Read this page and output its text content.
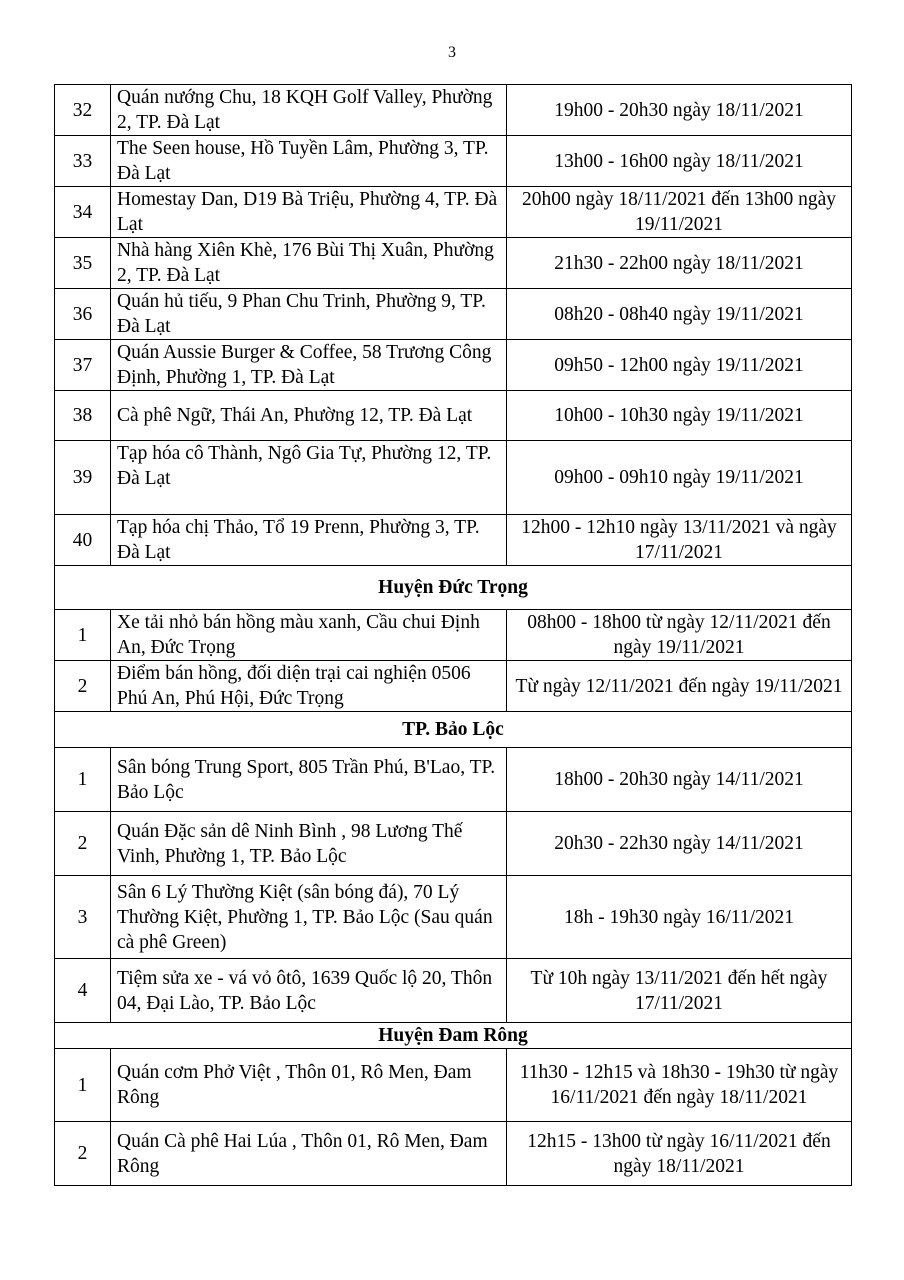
3
32	Quán nướng Chu, 18 KQH Golf Valley, Phường 2, TP. Đà Lạt	19h00 - 20h30 ngày 18/11/2021
33	The Seen house, Hồ Tuyền Lâm, Phường 3, TP. Đà Lạt	13h00 - 16h00 ngày 18/11/2021
34	Homestay Dan, D19 Bà Triệu, Phường 4, TP. Đà Lạt	20h00 ngày 18/11/2021 đến 13h00 ngày 19/11/2021
35	Nhà hàng Xiên Khè, 176 Bùi Thị Xuân, Phường 2, TP. Đà Lạt	21h30 - 22h00 ngày 18/11/2021
36	Quán hủ tiếu, 9 Phan Chu Trinh, Phường 9, TP. Đà Lạt	08h20 - 08h40 ngày 19/11/2021
37	Quán Aussie Burger & Coffee, 58 Trương Công Định, Phường 1, TP. Đà Lạt	09h50 - 12h00 ngày 19/11/2021
38	Cà phê Ngữ, Thái An, Phường 12, TP. Đà Lạt	10h00 - 10h30 ngày 19/11/2021
39	Tạp hóa cô Thành, Ngô Gia Tự, Phường 12, TP. Đà Lạt	09h00 - 09h10 ngày 19/11/2021
40	Tạp hóa chị Thảo, Tổ 19 Prenn, Phường 3, TP. Đà Lạt	12h00 - 12h10 ngày 13/11/2021 và ngày 17/11/2021
Huyện Đức Trọng		
1	Xe tải nhỏ bán hồng màu xanh, Cầu chui Định An, Đức Trọng	08h00 - 18h00 từ ngày 12/11/2021 đến ngày 19/11/2021
2	Điểm bán hồng, đối diện trại cai nghiện 0506 Phú An, Phú Hội, Đức Trọng	Từ ngày 12/11/2021 đến ngày 19/11/2021
TP. Bảo Lộc		
1	Sân bóng Trung Sport, 805 Trần Phú, B'Lao, TP. Bảo Lộc	18h00 - 20h30 ngày 14/11/2021
2	Quán Đặc sản dê Ninh Bình , 98 Lương Thế Vinh, Phường 1, TP. Bảo Lộc	20h30 - 22h30 ngày 14/11/2021
3	Sân 6 Lý Thường Kiệt (sân bóng đá), 70 Lý Thường Kiệt, Phường 1, TP. Bảo Lộc (Sau quán cà phê Green)	18h - 19h30 ngày 16/11/2021
4	Tiệm sửa xe - vá vỏ ôtô, 1639 Quốc lộ 20, Thôn 04, Đại Lào, TP. Bảo Lộc	Từ 10h ngày 13/11/2021 đến hết ngày 17/11/2021
Huyện Đam Rông		
1	Quán cơm Phở Việt , Thôn 01, Rô Men, Đam Rông	11h30 - 12h15 và 18h30 - 19h30 từ ngày 16/11/2021 đến ngày 18/11/2021
2	Quán Cà phê Hai Lúa , Thôn 01, Rô Men, Đam Rông	12h15 - 13h00 từ ngày 16/11/2021 đến ngày 18/11/2021
